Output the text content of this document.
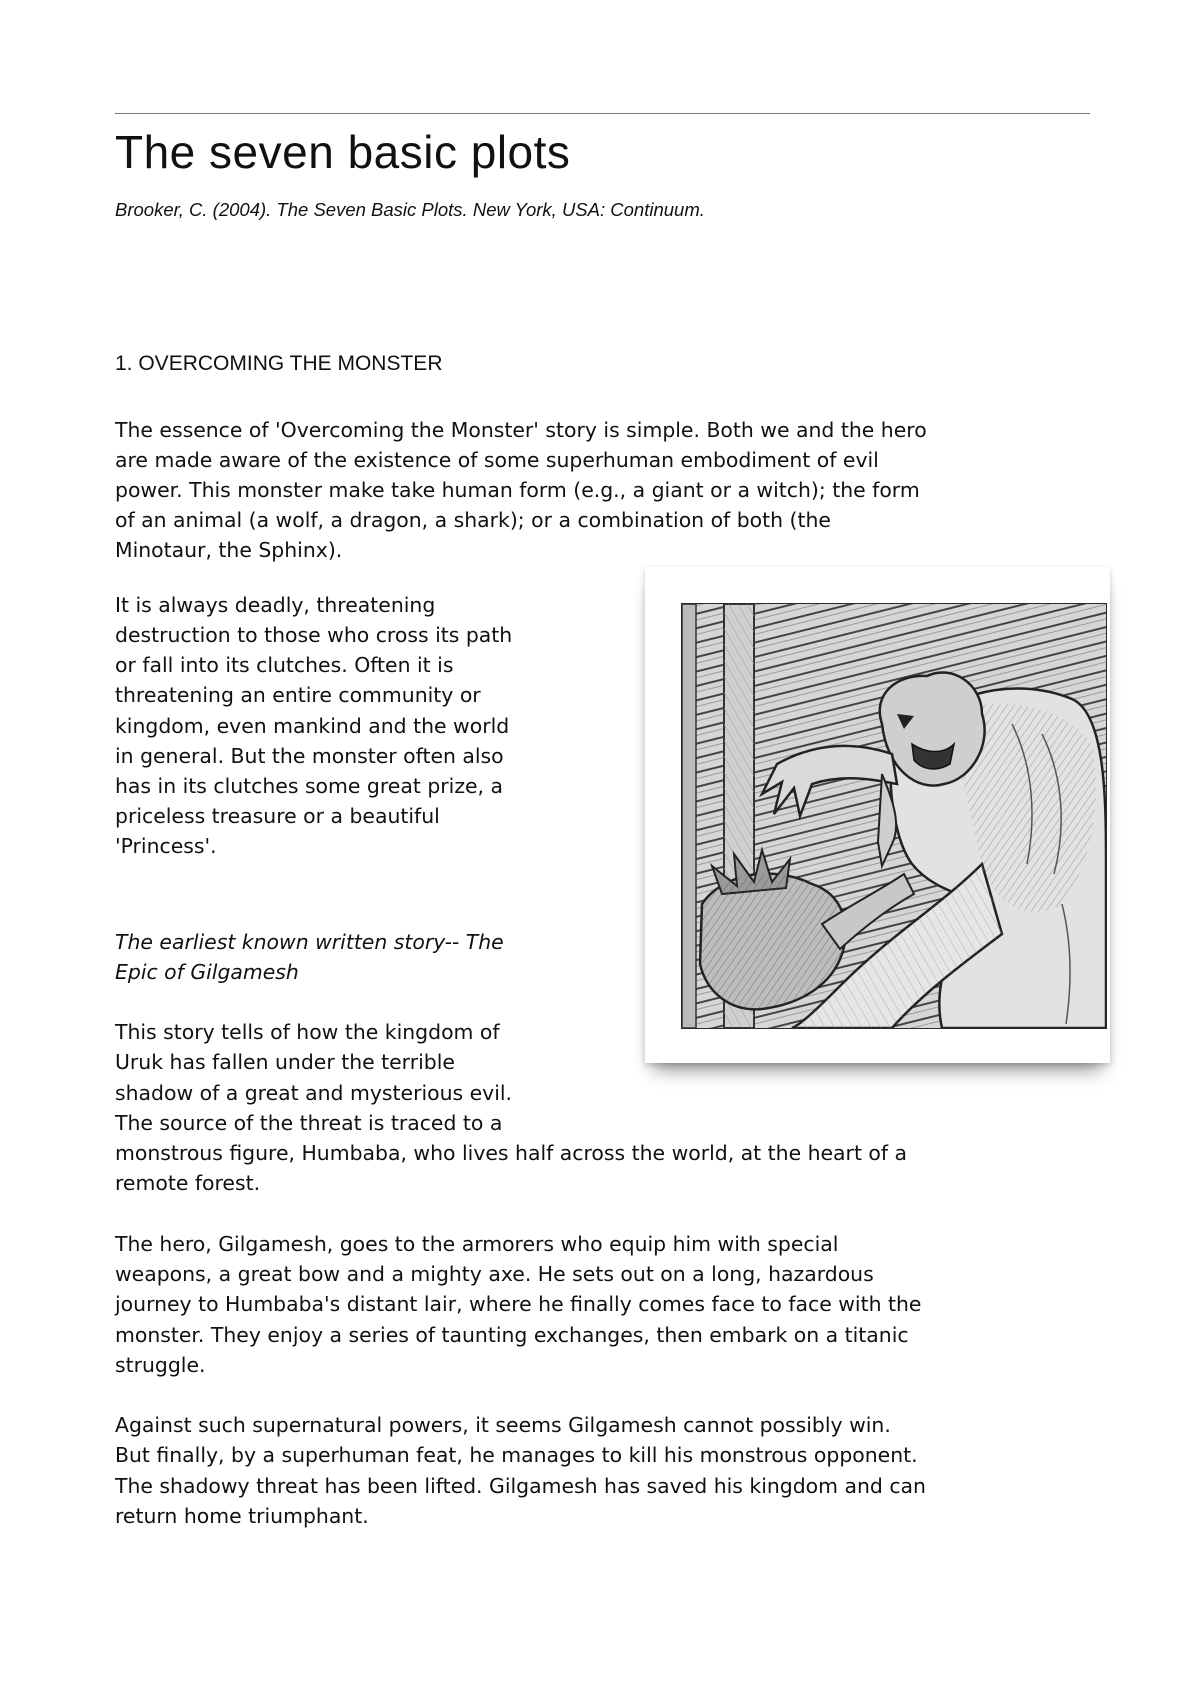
The seven basic plots

Brooker, C. (2004). The Seven Basic Plots. New York, USA: Continuum.

1. OVERCOMING THE MONSTER

The essence of 'Overcoming the Monster' story is simple. Both we and the hero

are made aware of the existence of some superhuman embodiment of evil

power. This monster make take human form (e.g., a giant or a witch); the form

of an animal (a wolf, a dragon, a shark); or a combination of both (the

Minotaur, the Sphinx).

It is always deadly, threatening

destruction to those who cross its path

or fall into its clutches. Often it is

threatening an entire community or

kingdom, even mankind and the world

in general. But the monster often also

has in its clutches some great prize, a

priceless treasure or a beautiful

'Princess'.

The earliest known written story-- The

Epic of Gilgamesh

This story tells of how the kingdom of

Uruk has fallen under the terrible

shadow of a great and mysterious evil.

The source of the threat is traced to a

monstrous figure, Humbaba, who lives half across the world, at the heart of a

remote forest.

The hero, Gilgamesh, goes to the armorers who equip him with special

weapons, a great bow and a mighty axe. He sets out on a long, hazardous

journey to Humbaba's distant lair, where he finally comes face to face with the

monster. They enjoy a series of taunting exchanges, then embark on a titanic

struggle.

Against such supernatural powers, it seems Gilgamesh cannot possibly win.

But finally, by a superhuman feat, he manages to kill his monstrous opponent.

The shadowy threat has been lifted. Gilgamesh has saved his kingdom and can

return home triumphant.
